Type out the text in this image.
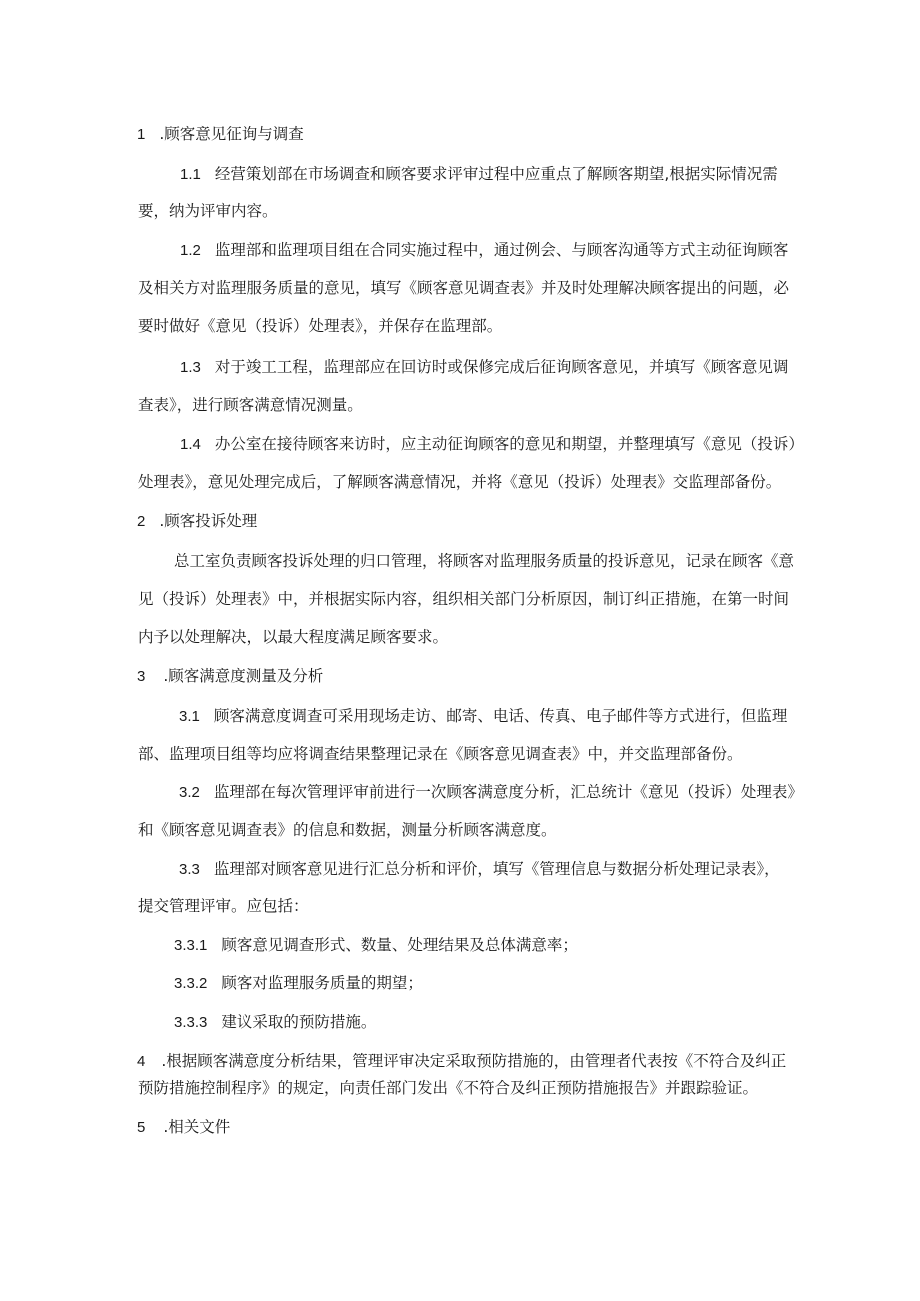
1 .顾客意见征询与调查
1.1 经营策划部在市场调查和顾客要求评审过程中应重点了解顾客期望,根据实际情况需
要，纳为评审内容。
1.2 监理部和监理项目组在合同实施过程中，通过例会、与顾客沟通等方式主动征询顾客
及相关方对监理服务质量的意见，填写《顾客意见调查表》并及时处理解决顾客提出的问题，必
要时做好《意见（投诉）处理表》，并保存在监理部。
1.3 对于竣工工程，监理部应在回访时或保修完成后征询顾客意见，并填写《顾客意见调
查表》，进行顾客满意情况测量。
1.4 办公室在接待顾客来访时，应主动征询顾客的意见和期望，并整理填写《意见（投诉）
处理表》，意见处理完成后，了解顾客满意情况，并将《意见（投诉）处理表》交监理部备份。
2 .顾客投诉处理
总工室负责顾客投诉处理的归口管理，将顾客对监理服务质量的投诉意见，记录在顾客《意
见（投诉）处理表》中，并根据实际内容，组织相关部门分析原因，制订纠正措施，在第一时间
内予以处理解决，以最大程度满足顾客要求。
3 .顾客满意度测量及分析
3.1 顾客满意度调查可采用现场走访、邮寄、电话、传真、电子邮件等方式进行，但监理
部、监理项目组等均应将调查结果整理记录在《顾客意见调查表》中，并交监理部备份。
3.2 监理部在每次管理评审前进行一次顾客满意度分析，汇总统计《意见（投诉）处理表》
和《顾客意见调查表》的信息和数据，测量分析顾客满意度。
3.3 监理部对顾客意见进行汇总分析和评价，填写《管理信息与数据分析处理记录表》，
提交管理评审。应包括：
3.3.1 顾客意见调查形式、数量、处理结果及总体满意率；
3.3.2 顾客对监理服务质量的期望；
3.3.3 建议采取的预防措施。
4 .根据顾客满意度分析结果，管理评审决定采取预防措施的，由管理者代表按《不符合及纠正
预防措施控制程序》的规定，向责任部门发出《不符合及纠正预防措施报告》并跟踪验证。
5 .相关文件
